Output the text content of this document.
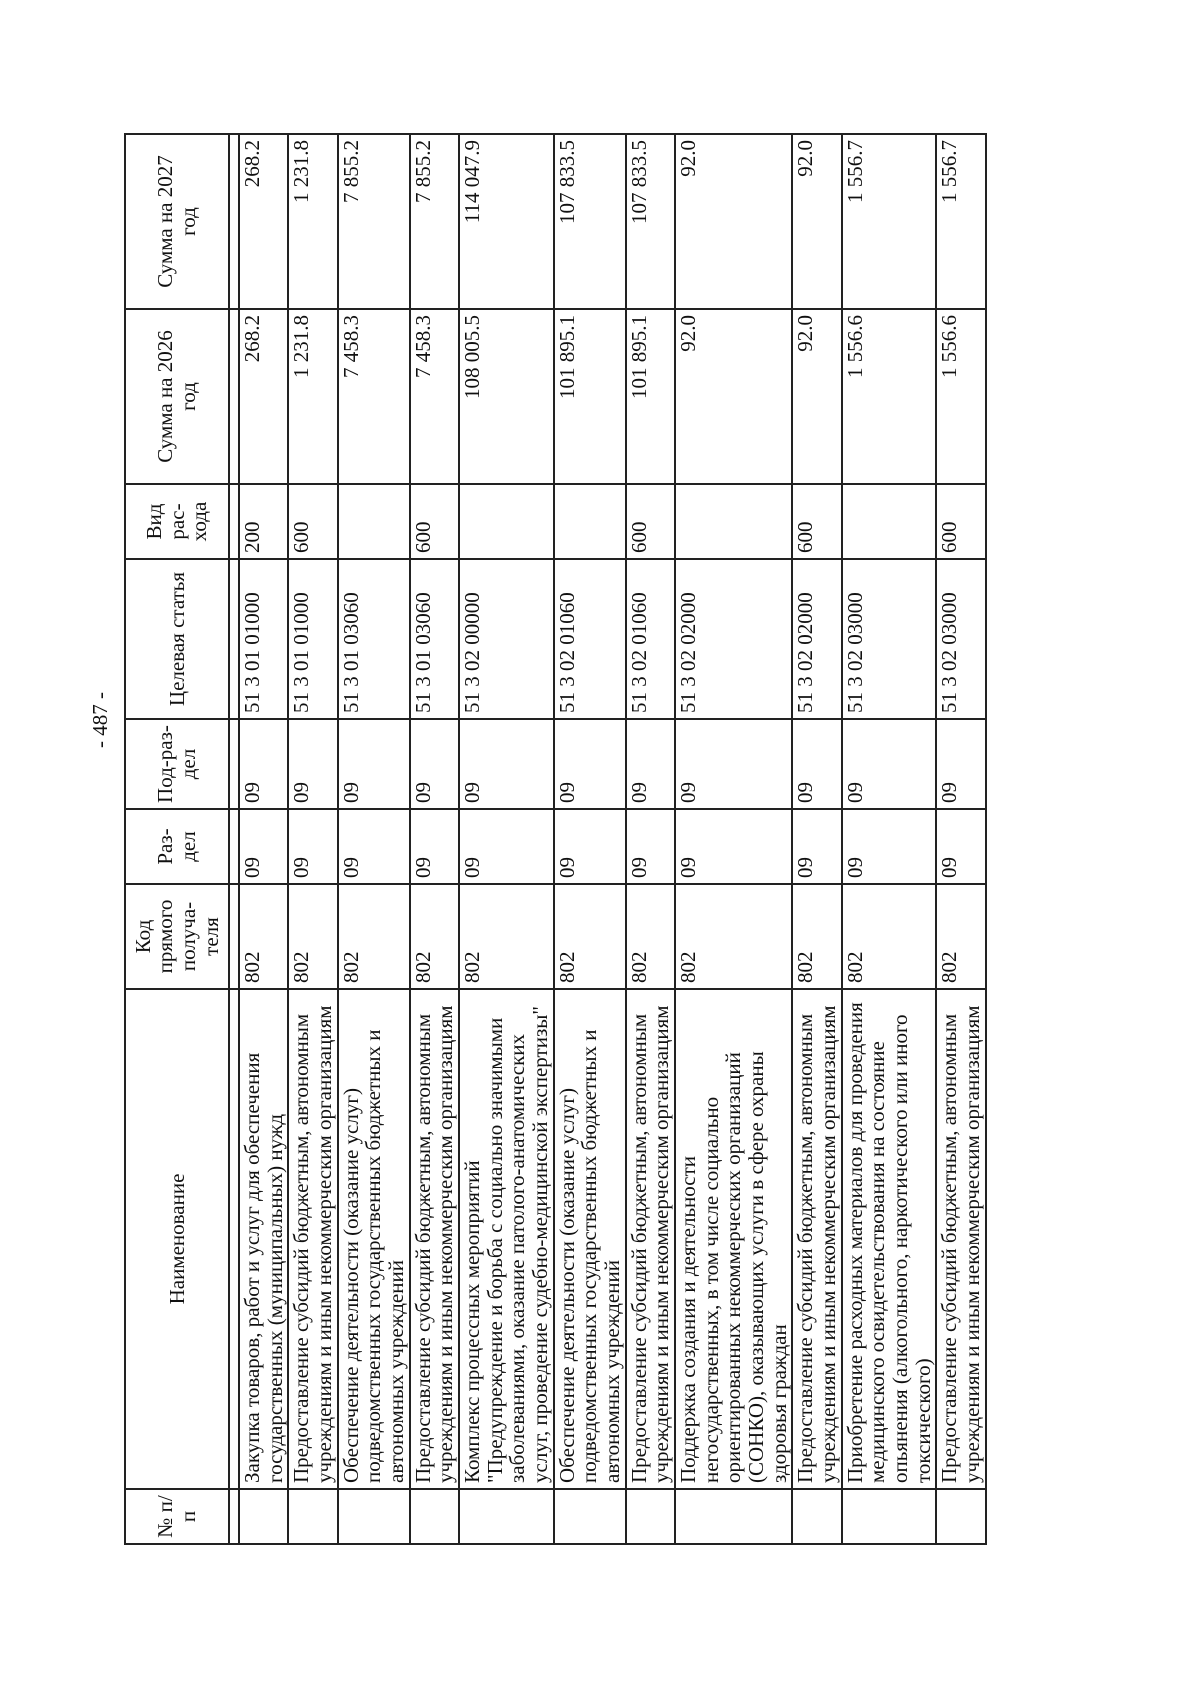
- 487 -
№ п/п	Наименование	Код прямого получа-теля	Раз-дел	Под-раз-дел	Целевая статья	Вид рас-хода	Сумма на 2026 год	Сумма на 2027 год

	Закупка товаров, работ и услуг для обеспечения государственных (муниципальных) нужд	802	09	09	51 3 01 01000	200	268.2	268.2
	Предоставление субсидий бюджетным, автономным учреждениям и иным некоммерческим организациям	802	09	09	51 3 01 01000	600	1 231.8	1 231.8
	Обеспечение деятельности (оказание услуг) подведомственных государственных бюджетных и автономных учреждений	802	09	09	51 3 01 03060		7 458.3	7 855.2
	Предоставление субсидий бюджетным, автономным учреждениям и иным некоммерческим организациям	802	09	09	51 3 01 03060	600	7 458.3	7 855.2
	Комплекс процессных мероприятий "Предупреждение и борьба с социально значимыми заболеваниями, оказание патолого-анатомических услуг, проведение судебно-медицинской экспертизы"	802	09	09	51 3 02 00000		108 005.5	114 047.9
	Обеспечение деятельности (оказание услуг) подведомственных государственных бюджетных и автономных учреждений	802	09	09	51 3 02 01060		101 895.1	107 833.5
	Предоставление субсидий бюджетным, автономным учреждениям и иным некоммерческим организациям	802	09	09	51 3 02 01060	600	101 895.1	107 833.5
	Поддержка создания и деятельности негосударственных, в том числе социально ориентированных некоммерческих организаций (СОНКО), оказывающих услуги в сфере охраны здоровья граждан	802	09	09	51 3 02 02000		92.0	92.0
	Предоставление субсидий бюджетным, автономным учреждениям и иным некоммерческим организациям	802	09	09	51 3 02 02000	600	92.0	92.0
	Приобретение расходных материалов для проведения медицинского освидетельствования на состояние опьянения (алкогольного, наркотического или иного токсического)	802	09	09	51 3 02 03000		1 556.6	1 556.7
	Предоставление субсидий бюджетным, автономным учреждениям и иным некоммерческим организациям	802	09	09	51 3 02 03000	600	1 556.6	1 556.7
